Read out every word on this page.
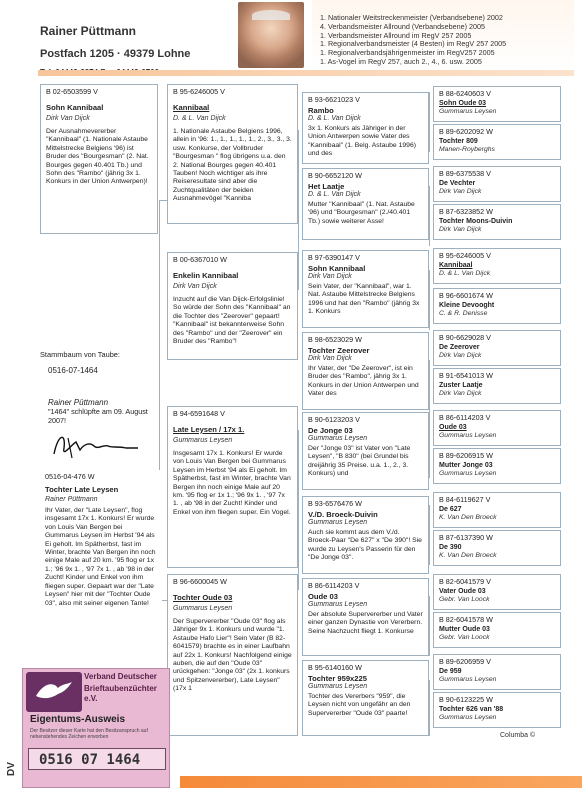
Rainer Püttmann
Postfach 1205 · 49379 Lohne
1. Nationaler Weitstreckenmeister (Verbandsebene) 2002
4. Verbandsmeister Allround (Verbandsebene) 2005
1. Verbandsmeister Allround im RegV 257 2005
1. Regionalverbandsmeister (4 Besten) im RegV 257 2005
1. Regionalverbandsjährigenmeister im RegV257 2005
1. As-Vogel im RegV 257, auch 2., 4., 6. usw. 2005
B 02-6503599 V
Sohn Kannibaal
Dirk Van Dijck
Der Ausnahmevererber "Kannibaal" (1. Nationale Astaube Mittelstrecke Belgiens '96) ist Bruder des "Bourgesman" (2. Nat. Bourges gegen 40.401 Tb.) und Sohn des "Rambo" (jährig 3x 1. Konkurs in der Union Antwerpen)!
Stammbaum von Taube:
0516-07-1464
Rainer Püttmann
"1464" schlüpfte am 09. August 2007!
0516-04-476 W
Tochter Late Leysen
Rainer Püttmann
Ihr Vater, der "Late Leysen", flog insgesamt 17x 1. Konkurs! Er wurde von Louis Van Bergen bei Gummarus Leysen im Herbst '94 als Ei geholt. Im Spätherbst, fast im Winter, brachte Van Bergen ihn noch einige Male auf 20 km. '95 flog er 1x 1.; '96 9x 1. , '97 7x 1. , ab '98 in der Zucht! Kinder und Enkel von ihm fliegen super. Gepaart war der "Late Leysen" hier mit der "Tochter Oude 03", also mit seiner eigenen Tante!
B 95-6246005 V
Kannibaal
D. & L. Van Dijck
1. Nationale Astaube Belgiens 1996, allein in '96: 1., 1., 1., 1., 1., 2., 3., 3., 3. usw. Konkurse, der Vollbruder "Bourgesman " flog übrigens u.a. den 2. National Bourges gegen 40.401 Tauben! Noch wichtiger als ihre Reiseresultate sind aber die Zuchtqualitäten der beiden Ausnahmevögel "Kanniba
B 00-6367010 W
Enkelin Kannibaal
Dirk Van Dijck
Inzucht auf die Van Dijck-Erfolgslinie! So würde der Sohn des "Kannibaal" an die Tochter des "Zeerover" gepaart! "Kannibaal" ist bekannterweise Sohn des "Rambo" und der "Zeerover" ein Bruder des "Rambo"!
B 94-6591648 V
Late Leysen / 17x 1.
Gummarus Leysen
Insgesamt 17x 1. Konkurs! Er wurde von Louis Van Bergen bei Gummarus Leysen im Herbst '94 als Ei geholt. Im Spätherbst, fast im Winter, brachte Van Bergen ihn noch einige Male auf 20 km. '95 flog er 1x 1.; '96 9x 1. , '97 7x 1. , ab '98 in der Zucht! Kinder und Enkel von ihm fliegen super. Ein Vogel.
B 96-6600045 W
Tochter Oude 03
Gummarus Leysen
Der Supervererber "Oude 03" flog als Jähriger 9x 1. Konkurs und wurde "1. Astaube Hafo Lier"! Sein Vater (B 82-6041579) brachte es in einer Laufbahn auf 22x 1. Konkurs! Nachfolgend einige auben, die auf den "Oude 03" urückgehen: "Jonge 03" (2x 1. konkurs und Spitzenvererber), Late Leysen" (17x 1
B 93-6621023 V
Rambo
D. & L. Van Dijck
3x 1. Konkurs als Jähriger in der Union Antwerpen sowie Vater des "Kannibaal" (1. Belg. Astaube 1996) und des
B 90-6652120 W
Het Laatje
D. & L. Van Dijck
Mutter "Kannibaal" (1. Nat. Astaube '96) und "Bourgesman" (2./40.401 Tb.) sowie weiterer Asse!
B 97-6390147 V
Sohn Kannibaal
Dirk Van Dijck
Sein Vater, der "Kannibaal", war 1. Nat. Astaube Mittelstrecke Belgiens 1996 und hat den "Rambo" (jährig 3x 1. Konkurs
B 98-6523029 W
Tochter Zeerover
Dirk Van Dijck
Ihr Vater, der "De Zeerover", ist ein Bruder des "Rambo", jährig 3x 1. Konkurs in der Union Antwerpen und Vater des
B 90-6123203 V
De Jonge 03
Gummarus Leysen
Der "Jonge 03" ist Vater von "Late Leysen", "B 830" (bei Grundel bis dreijährig 35 Preise. u.a. 1., 2., 3. Konkurs) und
B 93-6576476 W
V./D. Broeck-Duivin
Gummarus Leysen
Auch sie kommt aus dem V./d. Broeck-Paar "De 627" x "De 390"! Sie wurde zu Leysen's Passerin für den "De Jonge 03".
B 86-6114203 V
Oude 03
Gummarus Leysen
Der absolute Supervererber und Vater einer ganzen Dynastie von Vererbern. Seine Nachzucht fliegt 1. Konkurse
B 95-6140160 W
Tochter 959x225
Gummarus Leysen
Tochter des Vererbers "959", die Leysen nicht von ungefähr an den Supervererber "Oude 03" paarte!
B 88-6240603 V
Sohn Oude 03
Gummarus Leysen
B 89-6202092 W
Tochter 809
Manen-Royberghs
B 89-6375538 V
De Vechter
Dirk Van Dijck
B 87-6323852 W
Tochter Moons-Duivin
Dirk Van Dijck
B 95-6246005 V
Kannibaal
D. & L. Van Dijck
B 96-6601674 W
Kleine Devooght
C. & R. Denisse
B 90-6629028 V
De Zeerover
Dirk Van Dijck
B 91-6541013 W
Zuster Laatje
Dirk Van Dijck
B 86-6114203 V
Oude 03
Gummarus Leysen
B 89-6206915 W
Mutter Jonge 03
Gummarus Leysen
B 84-6119627 V
De 627
K. Van Den Broeck
B 87-6137390 W
De 390
K. Van Den Broeck
B 82-6041579 V
Vater Oude 03
Gebr. Van Loock
B 82-6041578 W
Mutter Oude 03
Gebr. Van Loock
B 89-6206959 V
De 959
Gummarus Leysen
B 90-6123225 W
Tochter 626 van '88
Gummarus Leysen
Verband Deutscher
Brieftaubenzüchter e.V.
Eigentums-Ausweis
Der Besitzer dieser Karte hat den Besitzanspruch auf nebenstehendes Zeichen erworben
DV
0516 07 1464
Columba ©
